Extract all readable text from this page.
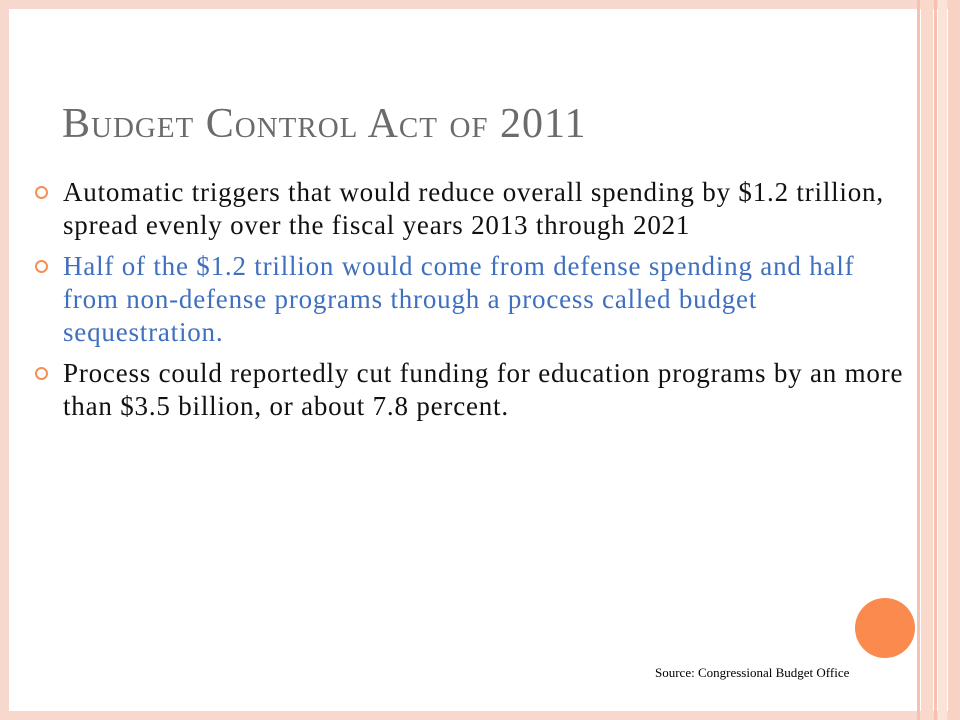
Budget Control Act of 2011
Automatic triggers that would reduce overall spending by $1.2 trillion, spread evenly over the fiscal years 2013 through 2021
Half of the $1.2 trillion would come from defense spending and half from non-defense programs through a process called budget sequestration.
Process could reportedly cut funding for education programs by an more than $3.5 billion, or about 7.8 percent.
Source: Congressional Budget Office
